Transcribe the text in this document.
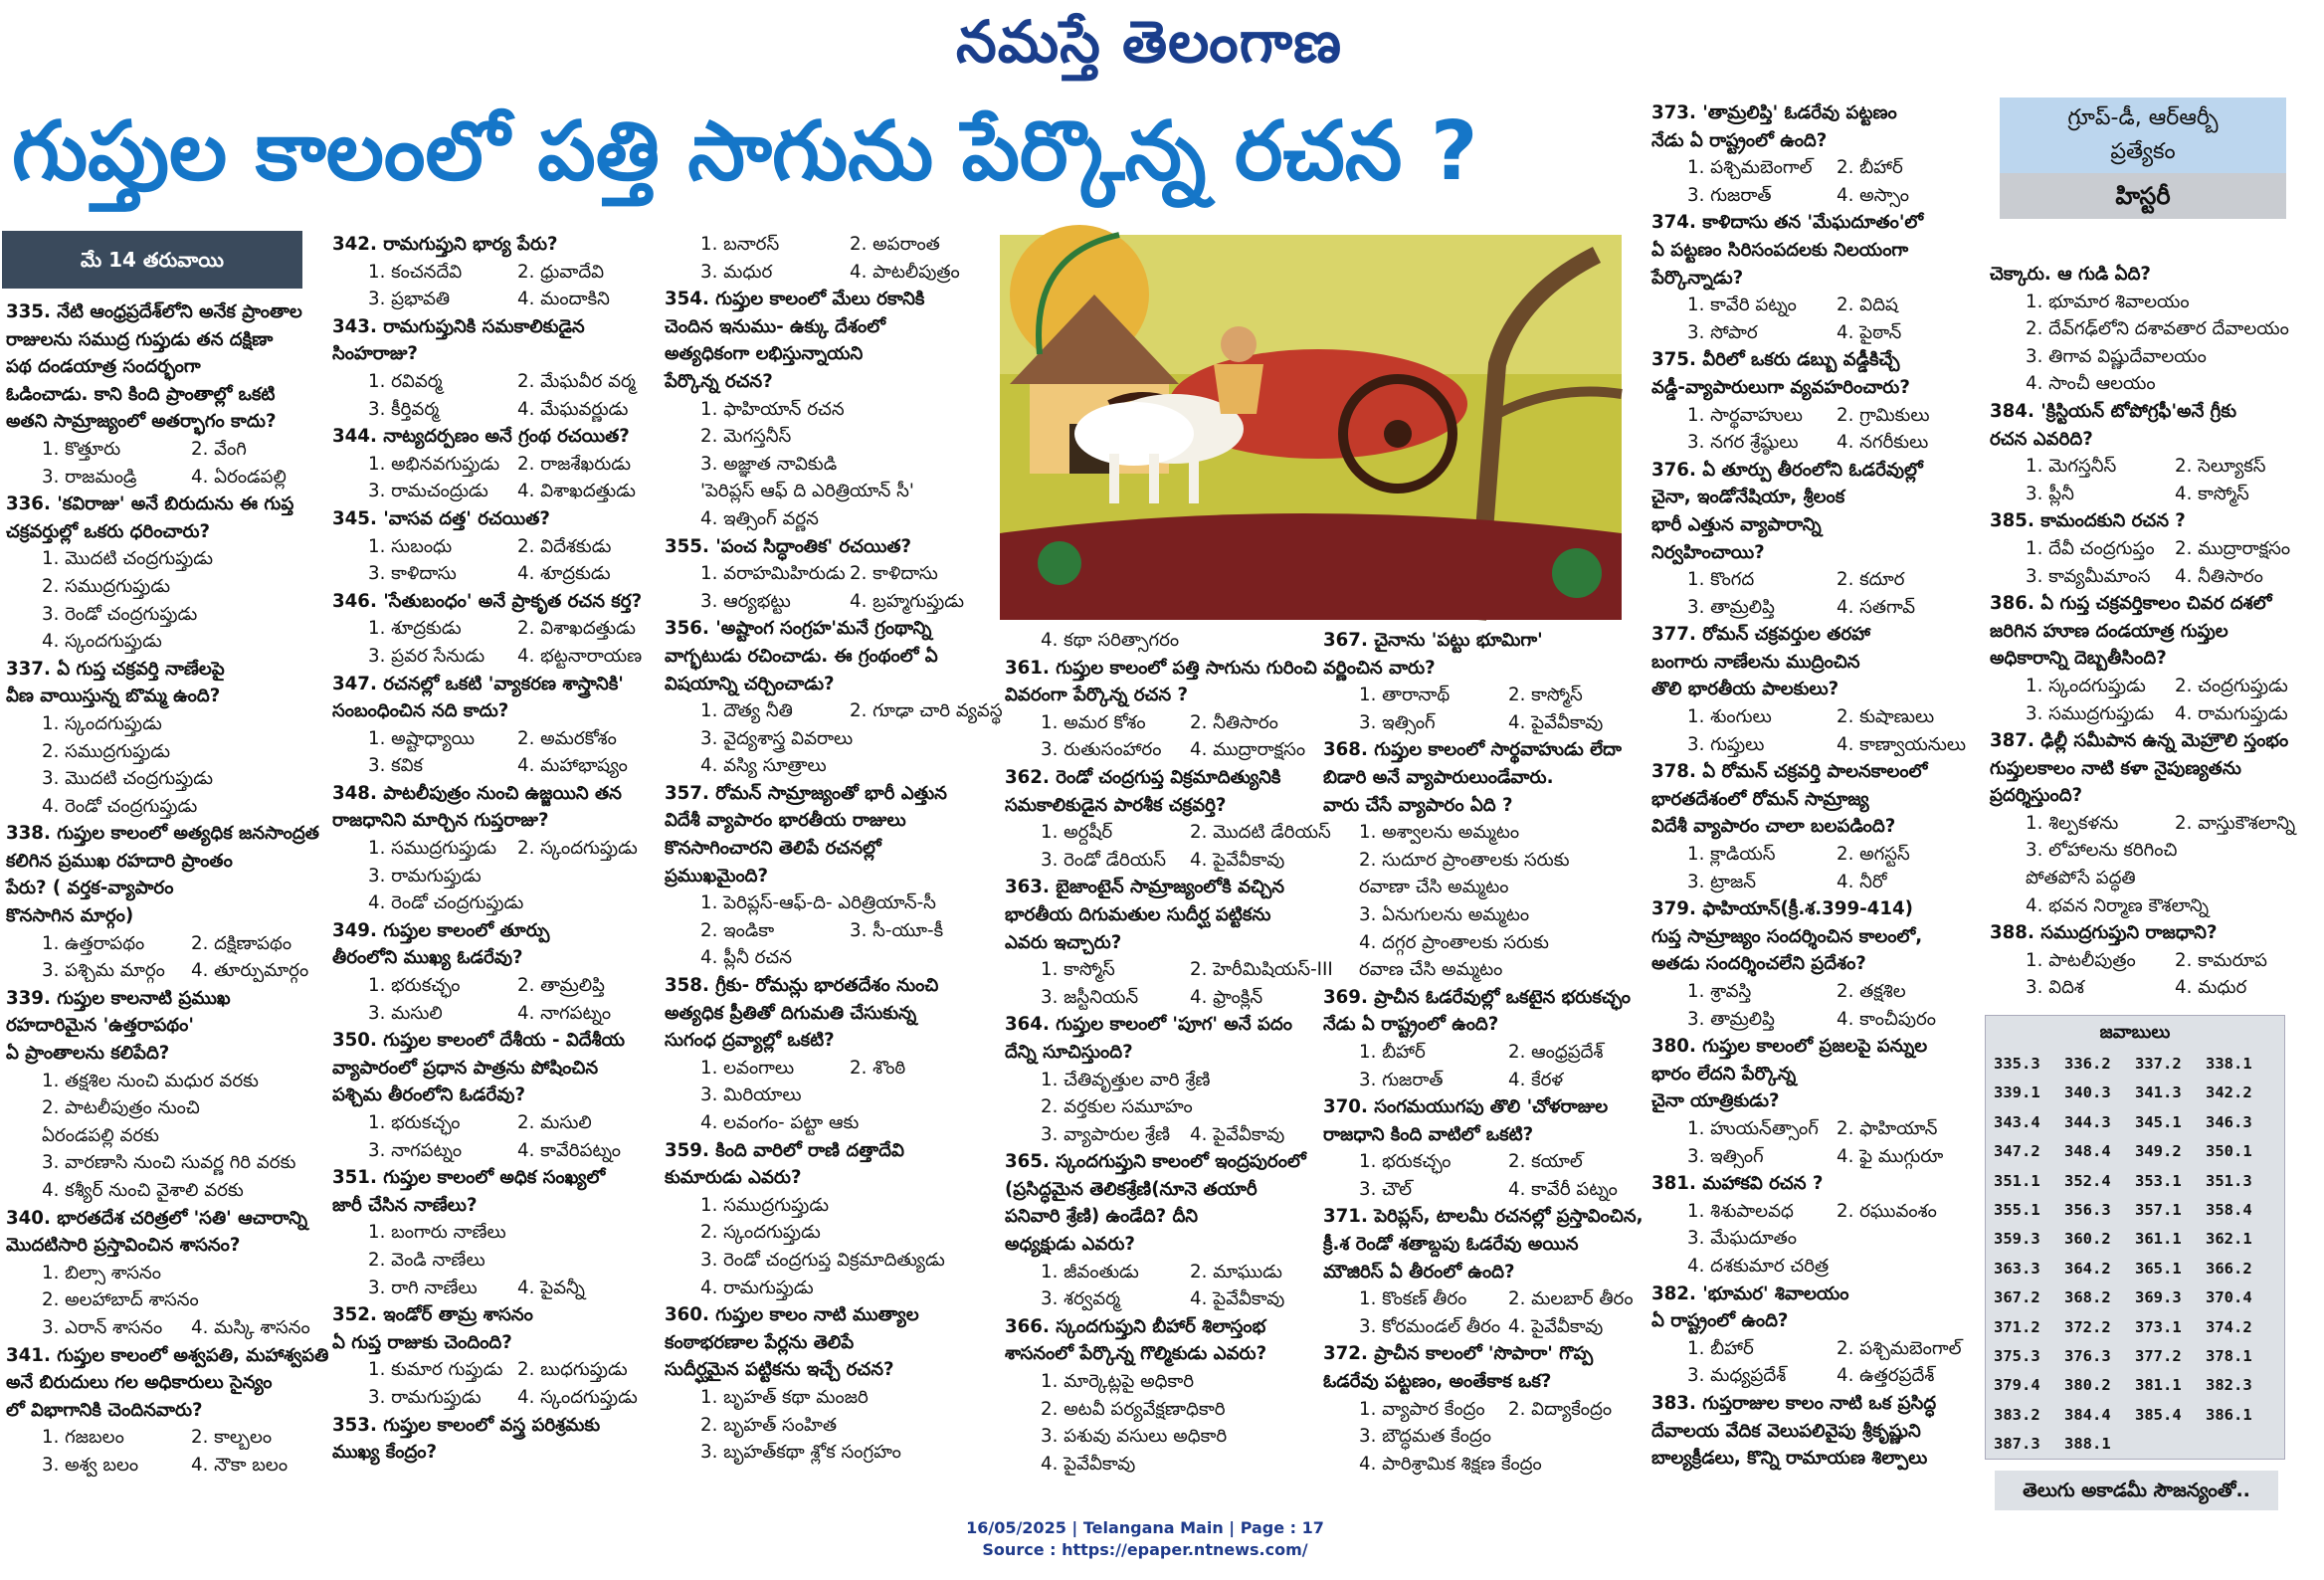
నమస్తే తెలంగాణ
గుప్తుల కాలంలో పత్తి సాగును పేర్కొన్న రచన ?	గ్రూప్-డీ, ఆర్ఆర్బీ
ప్రత్యేకం
హిస్టరీ
మే 14 తరువాయి

335. నేటి ఆంధ్రప్రదేశ్‌లోని అనేక ప్రాంతాల

రాజులను సముద్ర గుప్తుడు తన దక్షిణా

పథ దండయాత్ర సందర్భంగా

ఓడించాడు. కాని కింది ప్రాంతాల్లో ఒకటి

అతని సామ్రాజ్యంలో అతర్భాగం కాదు?

1. కొత్తూరు	2. వేంగి

3. రాజమండ్రి	4. ఏరండపల్లి

336. 'కవిరాజు' అనే బిరుదును ఈ గుప్త

చక్రవర్తుల్లో ఒకరు ధరించారు?

1. మొదటి చంద్రగుప్తుడు

2. సముద్రగుప్తుడు

3. రెండో చంద్రగుప్తుడు

4. స్కందగుప్తుడు

337. ఏ గుప్త చక్రవర్తి నాణేలపై

వీణ వాయిస్తున్న బొమ్మ ఉంది?

1. స్కందగుప్తుడు

2. సముద్రగుప్తుడు

3. మొదటి చంద్రగుప్తుడు

4. రెండో చంద్రగుప్తుడు

338. గుప్తుల కాలంలో అత్యధిక జనసాంద్రత

కలిగిన ప్రముఖ రహదారి ప్రాంతం

పేరు? ( వర్తక-వ్యాపారం

కొనసాగిన మార్గం)

1. ఉత్తరాపథం	2. దక్షిణాపథం

3. పశ్చిమ మార్గం 4. తూర్పుమార్గం

339. గుప్తుల కాలనాటి ప్రముఖ

రహదారిమైన 'ఉత్తరాపథం'

ఏ ప్రాంతాలను కలిపేది?

1. తక్షశిల నుంచి మధుర వరకు

2. పాటలీపుత్రం నుంచి

ఏరండపల్లి వరకు

3. వారణాసి నుంచి సువర్ణ గిరి వరకు

4. కశ్యీర్ నుంచి వైశాలి వరకు

340. భారతదేశ చరిత్రలో 'సతి' ఆచారాన్ని

మొదటిసారి ప్రస్తావించిన శాసనం?

1. బిల్సా శాసనం

2. అలహాబాద్ శాసనం

3. ఎరాన్ శాసనం 4. మస్కి శాసనం

341. గుప్తుల కాలంలో అశ్వపతి, మహాశ్వపతి

అనే బిరుదులు గల అధికారులు సైన్యం

లో విభాగానికి చెందినవారు?

1. గజబలం	2. కాల్బలం

3. అశ్వ బలం	4. నౌకా బలం

342. రామగుప్తుని భార్య పేరు?

1. కంచనదేవి	2. ధ్రువాదేవి

3. ప్రభావతి	4. మందాకిని

343. రామగుప్తునికి సమకాలికుడైన

సింహరాజు?

1. రవివర్మ	2. మేఘవీర వర్మ

3. కీర్తివర్మ	4. మేఘవర్ణుడు

344. నాట్యదర్పణం అనే గ్రంథ రచయిత?

1. అభినవగుప్తుడు 2. రాజశేఖరుడు

3. రామచంద్రుడు 4. విశాఖదత్తుడు

345. 'వాసవ దత్త' రచయిత?

1. సుబంధు	2. విదేశకుడు

3. కాళిదాసు	4. శూద్రకుడు

346. 'సేతుబంధం' అనే ప్రాకృత రచన కర్త?

1. శూద్రకుడు	2. విశాఖదత్తుడు

3. ప్రవర సేనుడు 4. భట్టనారాయణ

347. రచనల్లో ఒకటి 'వ్యాకరణ శాస్త్రానికి'

సంబంధించిన నది కాదు?

1. అష్టాధ్యాయి 2. అమరకోశం

3. కవిక	4. మహాభాష్యం

348. పాటలీపుత్రం నుంచి ఉజ్జయిని తన

రాజధానిని మార్చిన గుప్తరాజు?

1. సముద్రగుప్తుడు 2. స్కందగుప్తుడు

3. రామగుప్తుడు

4. రెండో చంద్రగుప్తుడు

349. గుప్తుల కాలంలో తూర్పు

తీరంలోని ముఖ్య ఓడరేవు?

1. భరుకచ్ఛం	2. తామ్రలిప్తి

3. మసులి	4. నాగపట్నం

350. గుప్తుల కాలంలో దేశీయ - విదేశీయ

వ్యాపారంలో ప్రధాన పాత్రను పోషించిన

పశ్చిమ తీరంలోని ఓడరేవు?

1. భరుకచ్ఛం	2. మసులి

3. నాగపట్నం	4. కావేరిపట్నం

351. గుప్తుల కాలంలో అధిక సంఖ్యలో

జారీ చేసిన నాణేలు?

1. బంగారు నాణేలు

2. వెండి నాణేలు

3. రాగి నాణేలు 4. పైవన్నీ

352. ఇండోర్ తామ్ర శాసనం

ఏ గుప్త రాజుకు చెందింది?

1. కుమార గుప్తుడు 2. బుధగుప్తుడు

3. రామగుప్తుడు 4. స్కందగుప్తుడు

353. గుప్తుల కాలంలో వస్త్ర పరిశ్రమకు

ముఖ్య కేంద్రం?

1. బనారస్	2. అపరాంత

3. మధుర	4. పాటలీపుత్రం

354. గుప్తుల కాలంలో మేలు రకానికి

చెందిన ఇనుము- ఉక్కు దేశంలో

అత్యధికంగా లభిస్తున్నాయని

పేర్కొన్న రచన?

1. ఫాహియాన్ రచన

2. మెగస్తనీస్

3. అజ్ఞాత నావికుడి

'పెరిప్లస్ ఆఫ్ ది ఎరిత్రియాన్ సీ'

4. ఇత్సింగ్ వర్ణన

355. 'పంచ సిద్ధాంతిక' రచయిత?

1. వరాహమిహిరుడు 2. కాళిదాసు

3. ఆర్యభట్టు	4. బ్రహ్మగుప్తుడు

356. 'అష్టాంగ సంగ్రహ'మనే గ్రంథాన్ని

వాగ్భటుడు రచించాడు. ఈ గ్రంథంలో ఏ

విషయాన్ని చర్చించాడు?

1. దౌత్య నీతి	2. గూఢా చారి వ్యవస్థ

3. వైద్యశాస్త్ర వివరాలు

4. వస్యి సూత్రాలు

357. రోమన్ సామ్రాజ్యంతో భారీ ఎత్తున

విదేశీ వ్యాపారం భారతీయ రాజులు

కొనసాగించారని తెలిపే రచనల్లో

ప్రముఖమైంది?

1. పెరిప్లస్-ఆఫ్-ది- ఎరిత్రియాన్-సీ

2. ఇండికా	3. సీ-యూ-కీ

4. ప్లీనీ రచన

358. గ్రీకు- రోమన్లు భారతదేశం నుంచి

అత్యధిక ప్రీతితో దిగుమతి చేసుకున్న

సుగంధ ద్రవ్యాల్లో ఒకటి?

1. లవంగాలు	2. శొంఠి

3. మిరియాలు

4. లవంగం- పట్టా ఆకు

359. కింది వారిలో రాణి దత్తాదేవి

కుమారుడు ఎవరు?

1. సముద్రగుప్తుడు

2. స్కందగుప్తుడు

3. రెండో చంద్రగుప్త విక్రమాదిత్యుడు

4. రామగుప్తుడు

360. గుప్తుల కాలం నాటి ముత్యాల

కంఠాభరణాల పేర్లను తెలిపే

సుదీర్ఘమైన పట్టికను ఇచ్చే రచన?

1. బృహత్ కథా మంజరి

2. బృహత్ సంహిత

3. బృహత్‌కథా శ్లోక సంగ్రహం

4. కథా సరిత్సాగరం

361. గుప్తుల కాలంలో పత్తి సాగును గురించి

వివరంగా పేర్కొన్న రచన ?

1. అమర కోశం 2. నీతిసారం

3. రుతుసంహారం 4. ముద్రారాక్షసం

362. రెండో చంద్రగుప్త విక్రమాదిత్యునికి

సమకాలికుడైన పారశీక చక్రవర్తి?

1. అర్దషీర్	2. మొదటి డేరియస్

3. రెండో డేరియస్ 4. పైవేవీకావు

363. బైజాంటైన్ సామ్రాజ్యంలోకి వచ్చిన

భారతీయ దిగుమతుల సుదీర్ఘ పట్టికను

ఎవరు ఇచ్చారు?

1. కాస్మోస్	2. హెరీమిషియస్-III

3. జస్టీనియన్	4. ఫ్రాంక్లిన్

364. గుప్తుల కాలంలో 'పూగ' అనే పదం

దేన్ని సూచిస్తుంది?

1. చేతివృత్తుల వారి శ్రేణి

2. వర్తకుల సమూహం

3. వ్యాపారుల శ్రేణి 4. పైవేవీకావు

365. స్కందగుప్తుని కాలంలో ఇంద్రపురంలో

(ప్రసిద్ధమైన తెలికశ్రేణి(నూనె తయారీ

పనివారి శ్రేణి) ఉండేది? దీని

అధ్యక్షుడు ఎవరు?

1. జీవంతుడు	2. మాఘుడు

3. శర్వవర్మ	4. పైవేవీకావు

366. స్కందగుప్తుని బీహార్ శిలాస్తంభ

శాసనంలో పేర్కొన్న గొల్మికుడు ఎవరు?

1. మార్కెట్లపై అధికారి

2. అటవీ పర్యవేక్షణాధికారి

3. పశువు వసులు అధికారి

4. పైవేవీకావు

367. చైనాను 'పట్టు భూమిగా'

వర్ణించిన వారు?

1. తారానాథ్	2. కాస్మోస్

3. ఇత్సింగ్	4. పైవేవీకావు

368. గుప్తుల కాలంలో సార్థవాహుడు లేదా

బిడారి అనే వ్యాపారులుండేవారు.

వారు చేసే వ్యాపారం ఏది ?

1. అశ్వాలను అమ్మటం

2. సుదూర ప్రాంతాలకు సరుకు

రవాణా చేసి అమ్మటం

3. ఏనుగులను అమ్మటం

4. దగ్గర ప్రాంతాలకు సరుకు

రవాణ చేసి అమ్మటం

369. ప్రాచీన ఓడరేవుల్లో ఒకటైన భరుకచ్ఛం

నేడు ఏ రాష్ట్రంలో ఉంది?

1. బీహార్	2. ఆంధ్రప్రదేశ్

3. గుజరాత్	4. కేరళ

370. సంగమయుగపు తొలి 'చోళరాజుల

రాజధాని కింది వాటిలో ఒకటి?

1. భరుకచ్ఛం	2. కయాల్

3. చౌల్	4. కావేరీ పట్నం

371. పెరిప్లస్, టాలమీ రచనల్లో ప్రస్తావించిన,

క్రీ.శ రెండో శతాబ్దపు ఓడరేవు అయిన

మౌజిరిస్ ఏ తీరంలో ఉంది?

1. కొంకణ్ తీరం 2. మలబార్ తీరం

3. కోరమండల్ తీరం 4. పైవేవీకావు

372. ప్రాచీన కాలంలో 'సొపారా' గొప్ప

ఓడరేవు పట్టణం, అంతేకాక ఒక?

1. వ్యాపార కేంద్రం 2. విద్యాకేంద్రం

3. బౌద్ధమత కేంద్రం

4. పారిశ్రామిక శిక్షణ కేంద్రం

373. 'తామ్రలిప్తి' ఓడరేవు పట్టణం

నేడు ఏ రాష్ట్రంలో ఉంది?

1. పశ్చిమబెంగాల్ 2. బీహార్

3. గుజరాత్	4. అస్సాం

374. కాళిదాసు తన 'మేఘదూతం'లో

ఏ పట్టణం సిరిసంపదలకు నిలయంగా

పేర్కొన్నాడు?

1. కావేరి పట్నం 2. విదిష

3. సోపార	4. పైఠాన్

375. వీరిలో ఒకరు డబ్బు వడ్డీకిచ్చే

వడ్డీ-వ్యాపారులుగా వ్యవహరించారు?

1. సార్థవాహులు 2. గ్రామికులు

3. నగర శ్రేష్ఠులు 4. నగరీకులు

376. ఏ తూర్పు తీరంలోని ఓడరేవుల్లో

చైనా, ఇండోనేషియా, శ్రీలంక

భారీ ఎత్తున వ్యాపారాన్ని

నిర్వహించాయి?

1. కొంగద	2. కదూర

3. తామ్రలిప్తి	4. సతగావ్

377. రోమన్ చక్రవర్తుల తరహా

బంగారు నాణేలను ముద్రించిన

తొలి భారతీయ పాలకులు?

1. శుంగులు	2. కుషాణులు

3. గుప్తులు	4. కాణ్వాయనులు

378. ఏ రోమన్ చక్రవర్తి పాలనకాలంలో

భారతదేశంలో రోమన్ సామ్రాజ్య

విదేశీ వ్యాపారం చాలా బలపడింది?

1. క్లాడియస్	2. అగస్టస్

3. ట్రాజన్	4. నీరో

379. ఫాహియాన్(క్రీ.శ.399-414)

గుప్త సామ్రాజ్యం సందర్శించిన కాలంలో,

అతడు సందర్శించలేని ప్రదేశం?

1. శ్రావస్తి	2. తక్షశిల

3. తామ్రలిప్తి	4. కాంచీపురం

380. గుప్తుల కాలంలో ప్రజలపై పన్నుల

భారం లేదని పేర్కొన్న

చైనా యాత్రికుడు?

1. హుయన్‌త్సాంగ్ 2. ఫాహియాన్

3. ఇత్సింగ్	4. ఫై ముగ్గురూ

381. మహాకవి రచన ?

1. శిశుపాలవధ 2. రఘువంశం

3. మేఘదూతం

4. దశకుమార చరిత్ర

382. 'భూమర' శివాలయం

ఏ రాష్ట్రంలో ఉంది?

1. బీహార్	2. పశ్చిమబెంగాల్

3. మధ్యప్రదేశ్	4. ఉత్తరప్రదేశ్

383. గుప్తరాజుల కాలం నాటి ఒక ప్రసిద్ధ

దేవాలయ వేదిక వెలుపలివైపు శ్రీకృష్ణుని

బాల్యక్రీడలు, కొన్ని రామాయణ శిల్పాలు

చెక్కారు. ఆ గుడి ఏది?

1. భూమార శివాలయం

2. దేవ్‌గఢ్‌లోని దశావతార దేవాలయం

3. తిగావ విష్ణుదేవాలయం

4. సాంచీ ఆలయం

384. 'క్రిస్టియన్ టోపోగ్రఫీ'అనే గ్రీకు

రచన ఎవరిది?

1. మెగస్తనీస్	2. సెల్యూకస్

3. ప్లీనీ	4. కాస్మోస్

385. కామందకుని రచన ?

1. దేవీ చంద్రగుప్తం 2. ముద్రారాక్షసం

3. కావ్యమీమాంస 4. నీతిసారం

386. ఏ గుప్త చక్రవర్తికాలం చివర దశలో

జరిగిన హూణ దండయాత్ర గుప్తుల

అధికారాన్ని దెబ్బతీసింది?

1. స్కందగుప్తుడు 2. చంద్రగుప్తుడు

3. సముద్రగుప్తుడు 4. రామగుప్తుడు

387. ఢిల్లీ సమీపాన ఉన్న మెహ్రౌలి స్తంభం

గుప్తులకాలం నాటి కళా నైపుణ్యతను

ప్రదర్శిస్తుంది?

1. శిల్పకళను	2. వాస్తుకౌశలాన్ని

3. లోహాలను కరిగించి

పోతపోసే పద్ధతి

4. భవన నిర్మాణ కౌశలాన్ని

388. సముద్రగుప్తుని రాజధాని?

1. పాటలీపుత్రం 2. కామరూప

3. విదిశ	4. మధుర

జవాబులు
335.3	336.2	337.2	338.1
339.1	340.3	341.3	342.2
343.4	344.3	345.1	346.3
347.2	348.4	349.2	350.1
351.1	352.4	353.1	351.3
355.1	356.3	357.1	358.4
359.3	360.2	361.1	362.1
363.3	364.2	365.1	366.2
367.2	368.2	369.3	370.4
371.2	372.2	373.1	374.2
375.3	376.3	377.2	378.1
379.4	380.2	381.1	382.3
383.2	384.4	385.4	386.1
387.3	388.1
తెలుగు అకాడమీ సౌజన్యంతో..
16/05/2025 | Telangana Main | Page : 17
Source : https://epaper.ntnews.com/
